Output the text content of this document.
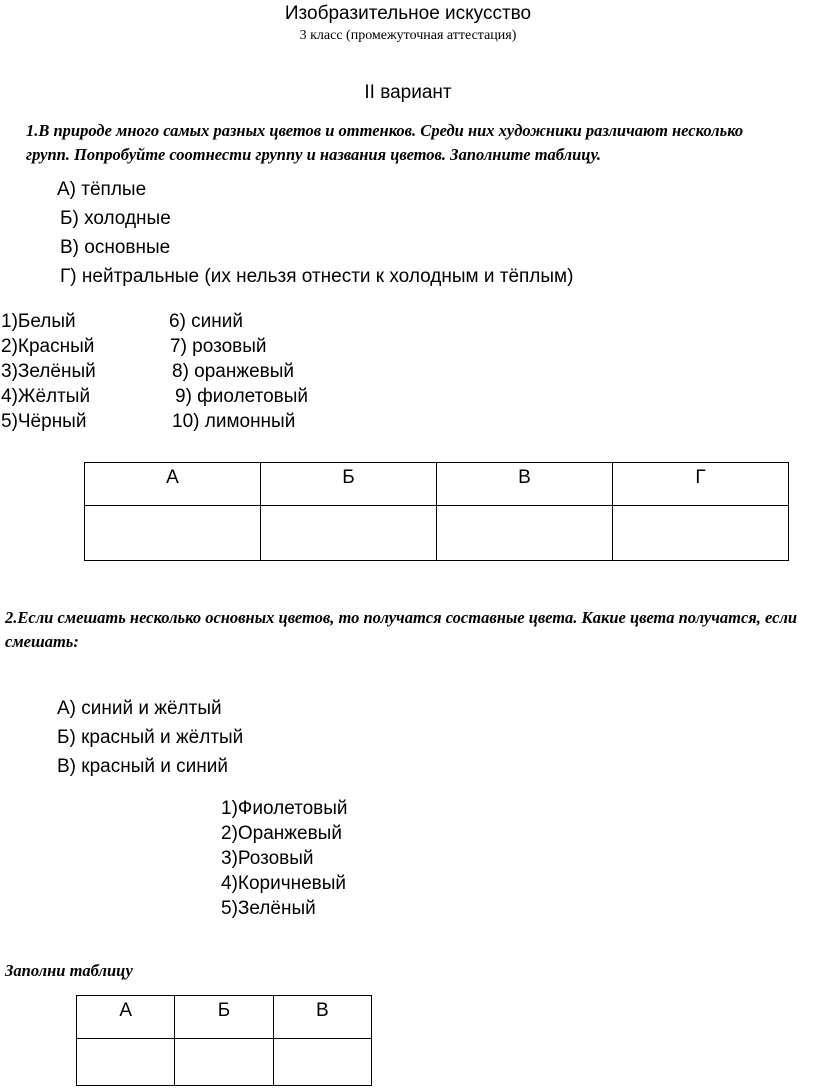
Изобразительное искусство
3 класс (промежуточная аттестация)
II вариант
1.В природе много самых разных цветов и оттенков. Среди них художники различают несколько групп. Попробуйте соотнести группу и названия цветов. Заполните таблицу.
А) тёплые
Б) холодные
В) основные
Г) нейтральные (их нельзя отнести к холодным и тёплым)
1)Белый
2)Красный
3)Зелёный
4)Жёлтый
5)Чёрный
6) синий
7) розовый
8) оранжевый
9) фиолетовый
10) лимонный
А	Б	В	Г

2.Если смешать несколько основных цветов, то получатся составные цвета. Какие цвета получатся, если смешать:
А) синий и жёлтый
Б) красный и жёлтый
В) красный и синий
1)Фиолетовый
2)Оранжевый
3)Розовый
4)Коричневый
5)Зелёный
Заполни таблицу
А	Б	В
